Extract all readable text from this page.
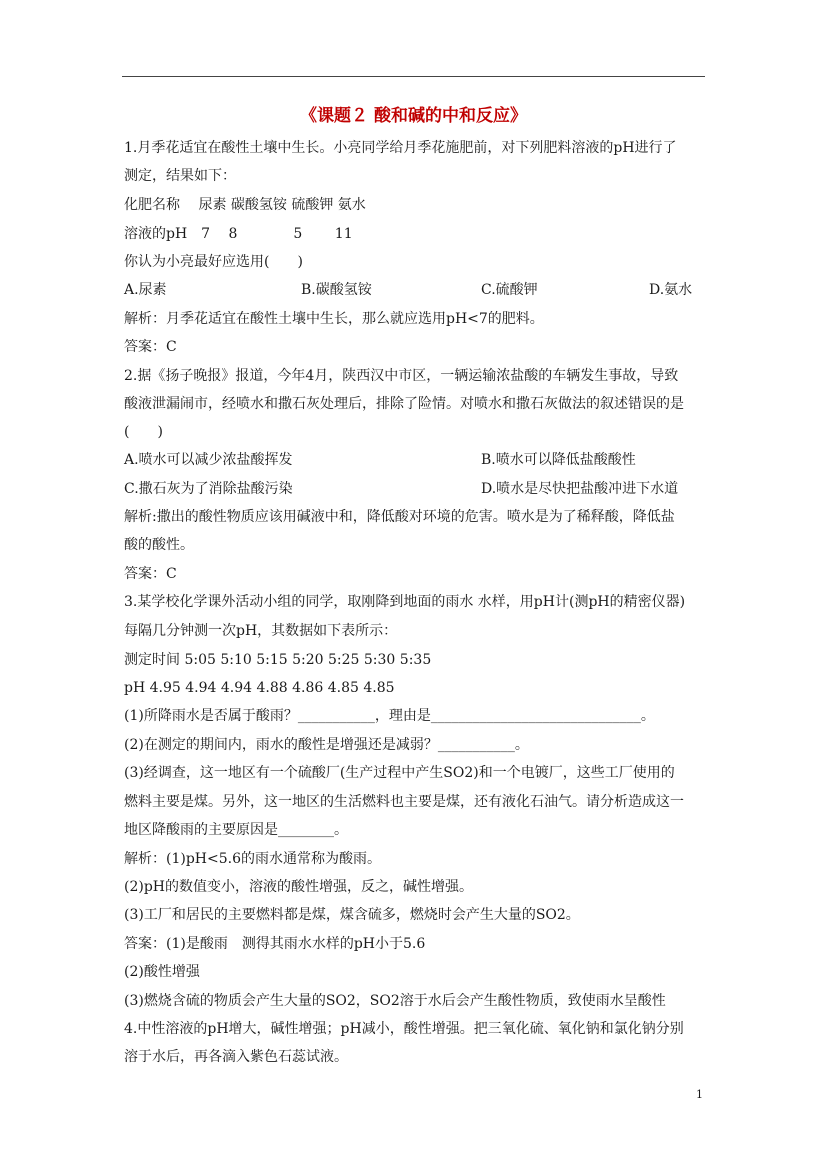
《课题２ 酸和碱的中和反应》
1.月季花适宜在酸性土壤中生长。小亮同学给月季花施肥前，对下列肥料溶液的pH进行了
测定，结果如下：
化肥名称　 尿素 碳酸氢铵 硫酸钾 氨水
溶液的pH　7　 8　　　　5　　 11
你认为小亮最好应选用(　　)
A.尿素	B.碳酸氢铵	C.硫酸钾	D.氨水
解析：月季花适宜在酸性土壤中生长，那么就应选用pH<7的肥料。
答案：C
2.据《扬子晚报》报道，今年4月，陕西汉中市区，一辆运输浓盐酸的车辆发生事故，导致
酸液泄漏闹市，经喷水和撒石灰处理后，排除了险情。对喷水和撒石灰做法的叙述错误的是
(　　)
A.喷水可以减少浓盐酸挥发	B.喷水可以降低盐酸酸性
C.撒石灰为了消除盐酸污染	D.喷水是尽快把盐酸冲进下水道
解析:撒出的酸性物质应该用碱液中和，降低酸对环境的危害。喷水是为了稀释酸，降低盐
酸的酸性。
答案：C
3.某学校化学课外活动小组的同学，取刚降到地面的雨水 水样，用pH计(测pH的精密仪器)
每隔几分钟测一次pH，其数据如下表所示：
测定时间 5:05 5:10 5:15 5:20 5:25 5:30 5:35
pH 4.95 4.94 4.94 4.88 4.86 4.85 4.85
(1)所降雨水是否属于酸雨？___________，理由是______________________________。
(2)在测定的期间内，雨水的酸性是增强还是减弱？___________。
(3)经调查，这一地区有一个硫酸厂(生产过程中产生SO2)和一个电镀厂，这些工厂使用的
燃料主要是煤。另外，这一地区的生活燃料也主要是煤，还有液化石油气。请分析造成这一
地区降酸雨的主要原因是________。
解析：(1)pH<5.6的雨水通常称为酸雨。
(2)pH的数值变小，溶液的酸性增强，反之，碱性增强。
(3)工厂和居民的主要燃料都是煤，煤含硫多，燃烧时会产生大量的SO2。
答案：(1)是酸雨　测得其雨水水样的pH小于5.6
(2)酸性增强
(3)燃烧含硫的物质会产生大量的SO2，SO2溶于水后会产生酸性物质，致使雨水呈酸性
4.中性溶液的pH增大，碱性增强；pH减小，酸性增强。把三氧化硫、氧化钠和氯化钠分别
溶于水后，再各滴入紫色石蕊试液。
1
